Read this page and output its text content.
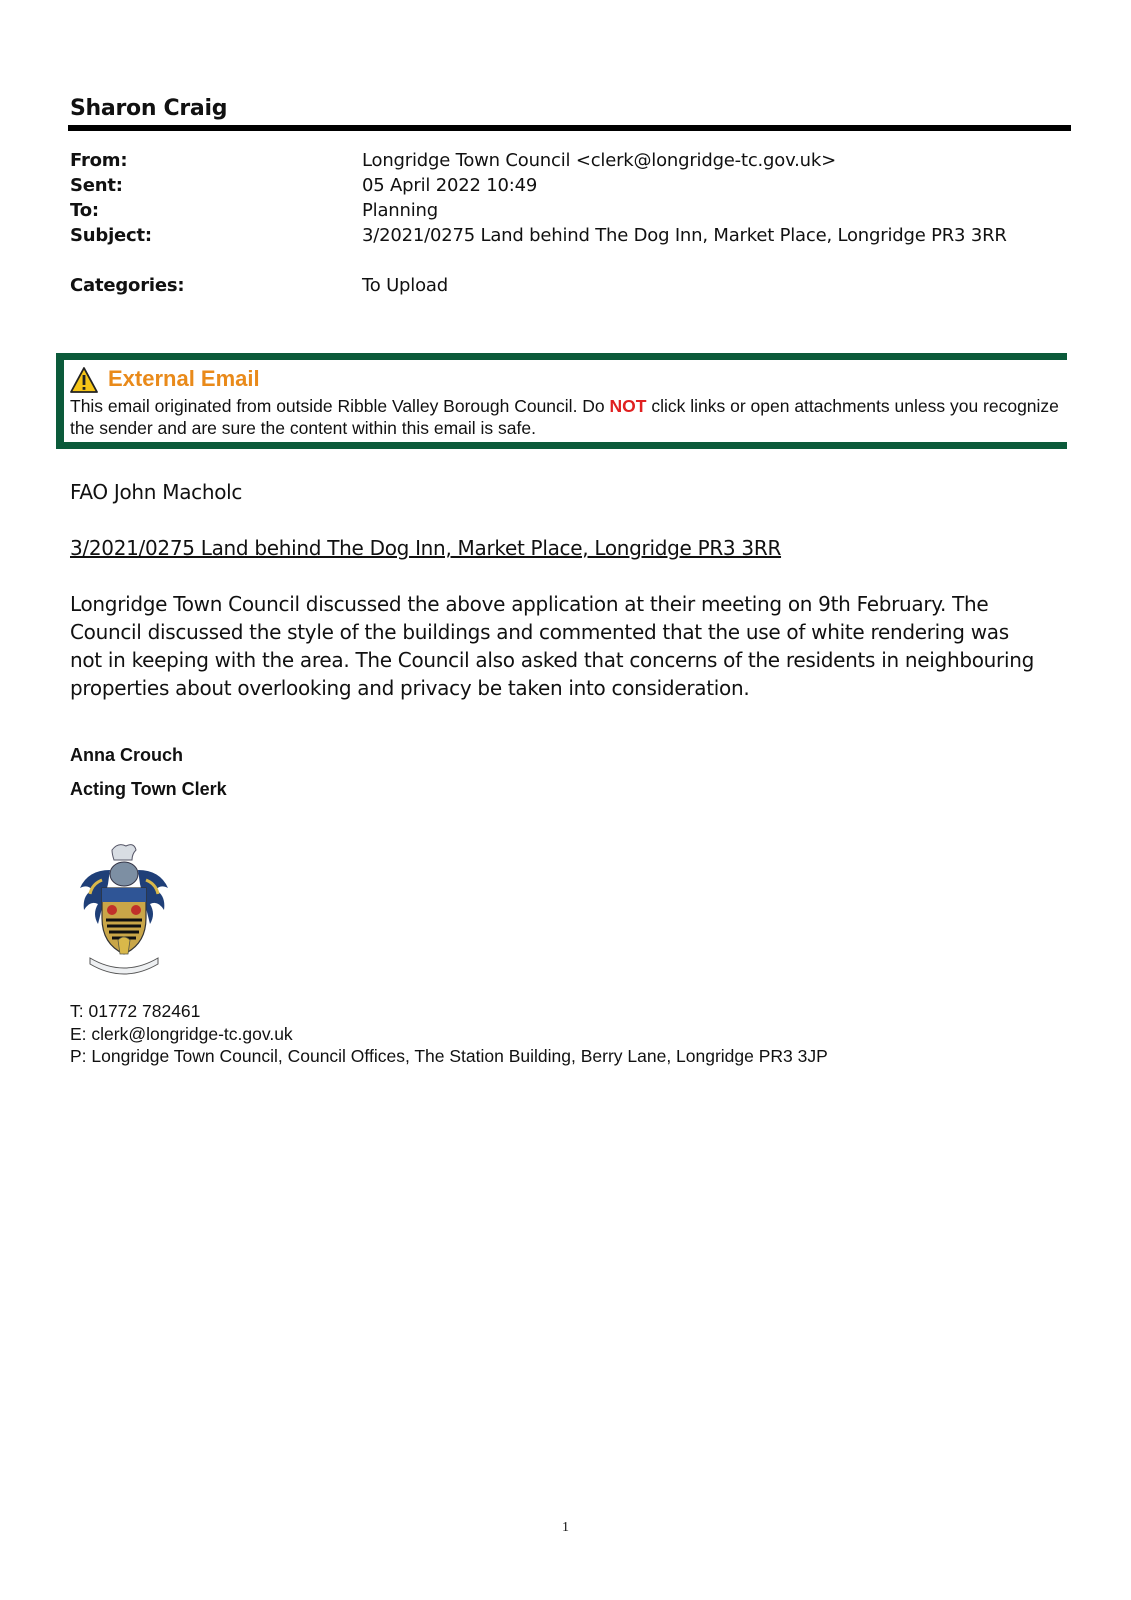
Sharon Craig
From:	Longridge Town Council <clerk@longridge-tc.gov.uk>
Sent:	05 April 2022 10:49
To:	Planning
Subject:	3/2021/0275 Land behind The Dog Inn, Market Place, Longridge PR3 3RR
Categories:	To Upload
External Email
This email originated from outside Ribble Valley Borough Council. Do NOT click links or open attachments unless you recognize the sender and are sure the content within this email is safe.
FAO John Macholc
3/2021/0275 Land behind The Dog Inn, Market Place, Longridge PR3 3RR
Longridge Town Council discussed the above application at their meeting on 9th February. The Council discussed the style of the buildings and commented that the use of white rendering was not in keeping with the area. The Council also asked that concerns of the residents in neighbouring properties about overlooking and privacy be taken into consideration.
Anna Crouch
Acting Town Clerk
T: 01772 782461
E: clerk@longridge-tc.gov.uk
P: Longridge Town Council, Council Offices, The Station Building, Berry Lane, Longridge PR3 3JP
1
